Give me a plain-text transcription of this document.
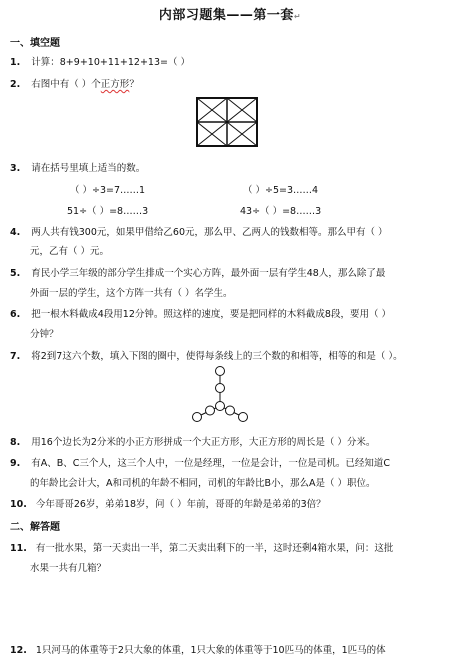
内部习题集——第一套↵
一、填空题
1. 计算：8+9+10+11+12+13=（ ）
2. 右图中有（ ）个正方形？
3. 请在括号里填上适当的数。
（ ）÷3=7……1	（ ）÷5=3……4
51÷（ ）=8……3	43÷（ ）=8……3
4. 两人共有钱300元，如果甲借给乙60元，那么甲、乙两人的钱数相等。那么甲有（ ）
元，乙有（ ）元。
5. 育民小学三年级的部分学生排成一个实心方阵，最外面一层有学生48人，那么除了最
外面一层的学生，这个方阵一共有（ ）名学生。
6. 把一根木料截成4段用12分钟。照这样的速度，要是把同样的木料截成8段，要用（ ）
分钟？
7. 将2到7这六个数，填入下图的圈中，使得每条线上的三个数的和相等，相等的和是（ ）。
8. 用16个边长为2分米的小正方形拼成一个大正方形，大正方形的周长是（ ）分米。
9. 有A、B、C三个人，这三个人中，一位是经理，一位是会计，一位是司机。已经知道C
的年龄比会计大，A和司机的年龄不相同，司机的年龄比B小，那么A是（ ）职位。
10. 今年哥哥26岁，弟弟18岁，问（ ）年前，哥哥的年龄是弟弟的3倍？
二、解答题
11. 有一批水果，第一天卖出一半，第二天卖出剩下的一半，这时还剩4箱水果，问：这批
水果一共有几箱？
12. 1只河马的体重等于2只大象的体重，1只大象的体重等于10匹马的体重，1匹马的体
